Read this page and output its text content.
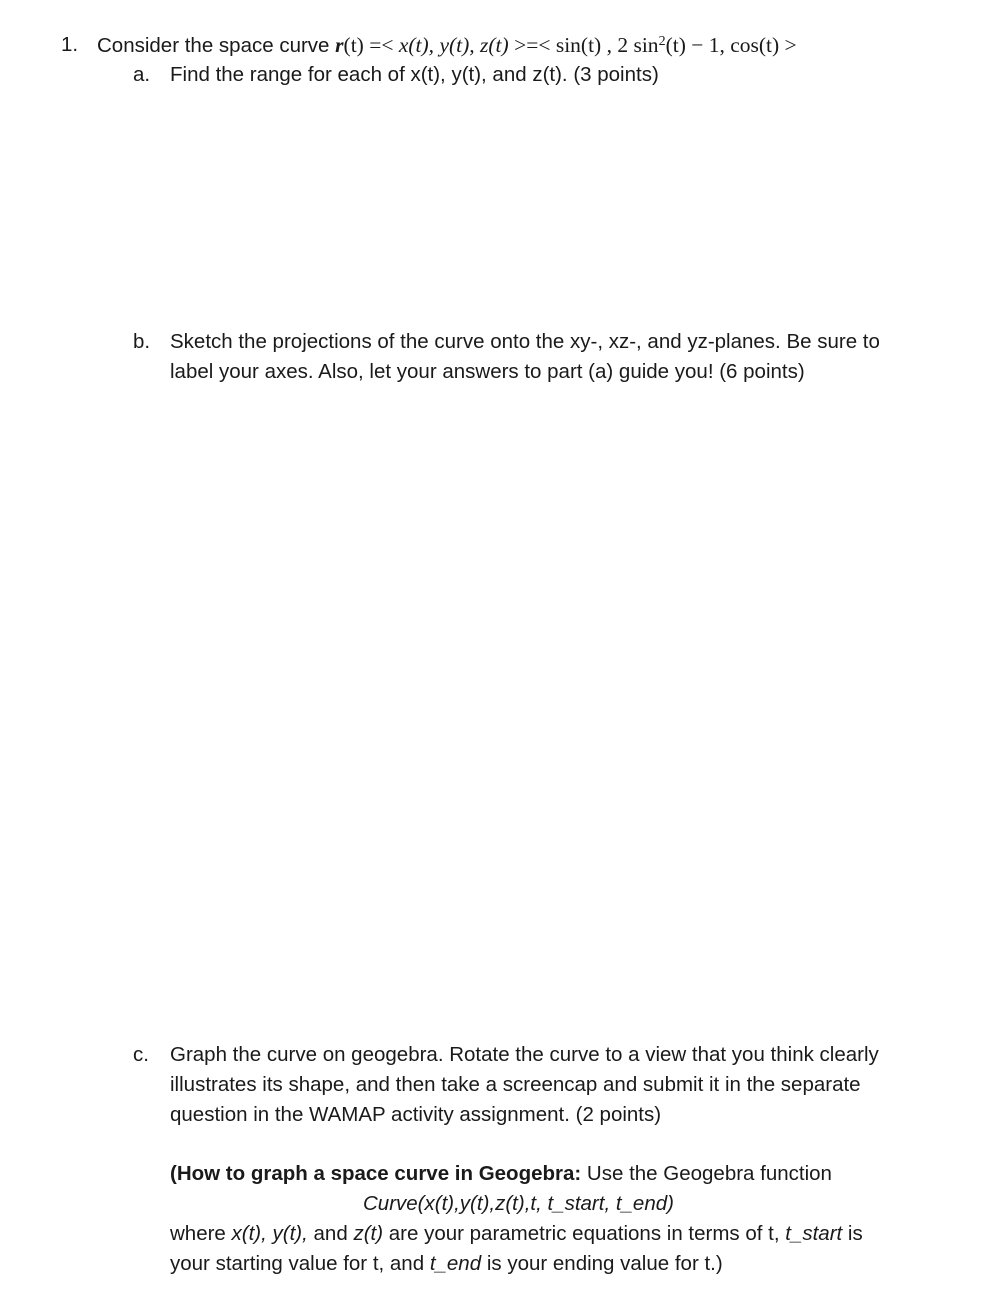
1. Consider the space curve r(t) =< x(t), y(t), z(t) >=< sin(t) , 2 $\sin^2(t) - 1$, cos(t) >
a. Find the range for each of x(t), y(t), and z(t). (3 points)
b. Sketch the projections of the curve onto the xy-, xz-, and yz-planes. Be sure to
label your axes. Also, let your answers to part (a) guide you! (6 points)
c. Graph the curve on geogebra. Rotate the curve to a view that you think clearly
illustrates its shape, and then take a screencap and submit it in the separate
question in the WAMAP activity assignment. (2 points)
(How to graph a space curve in Geogebra: Use the Geogebra function
Curve(x(t),y(t),z(t),t, t_start, t_end)
where x(t), y(t), and z(t) are your parametric equations in terms of t, t_start is
your starting value for t, and t_end is your ending value for t.)
